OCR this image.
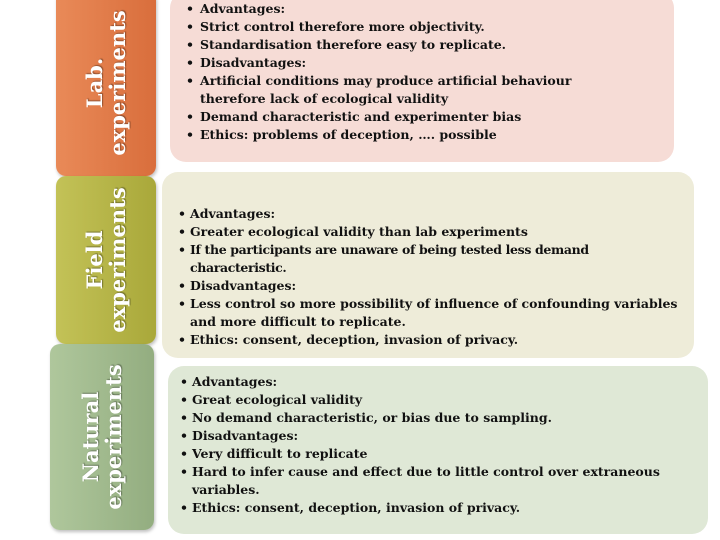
Lab.
experiments
• Advantages:
• Strict control therefore more objectivity.
• Standardisation therefore easy to replicate.
• Disadvantages:
• Artificial conditions may produce artificial behaviour therefore lack of ecological validity
• Demand characteristic and experimenter bias
• Ethics: problems of deception, …. possible
Field
experiments	• Advantages:
• Greater ecological validity than lab experiments
• If the participants are unaware of being tested less demand characteristic.
• Disadvantages:
• Less control so more possibility of influence of confounding variables and more difficult to replicate.
• Ethics: consent, deception, invasion of privacy.
Natural
experiments	• Advantages:
• Great ecological validity
• No demand characteristic, or bias due to sampling.
• Disadvantages:
• Very difficult to replicate
• Hard to infer cause and effect due to little control over extraneous variables.
• Ethics: consent, deception, invasion of privacy.
